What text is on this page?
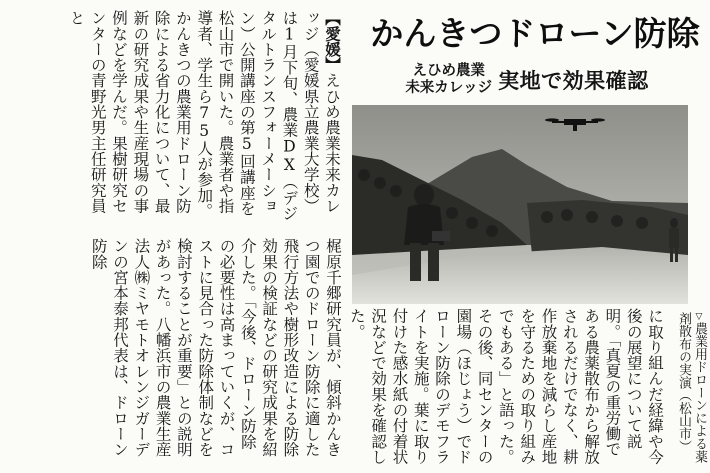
【愛媛】えひめ農業未来カレッジ（愛媛県立農業大学校）は1月下旬、農業DX（デジタルトランスフォーメーション）公開講座の第5回講座を松山市で開いた。農業者や指導者、学生ら75人が参加。かんきつの農業用ドローン防除による省力化について、最新の研究成果や生産現場の事例などを学んだ。果樹研究センターの青野光男主任研究員と

梶原千郷研究員が、傾斜かんきつ園でのドローン防除に適した飛行方法や樹形改造による防除効果の検証などの研究成果を紹介した。「今後、ドローン防除の必要性は高まっていくが、コストに見合った防除体制などを検討することが重要」との説明があった。八幡浜市の農業生産法人㈱ミヤモトオレンジガーデンの宮本泰邦代表は、ドローン防除

かんきつドローン防除
えひめ農業
未来カレッジ 実地で効果確認

に取り組んだ経緯や今後の展望について説明。「真夏の重労働である農薬散布から解放されるだけでなく、耕作放棄地を減らし産地を守るための取り組みでもある」と語った。その後、同センターの園場（ほじょう）でドローン防除のデモフライトを実施。葉に取り付けた感水紙の付着状況などで効果を確認した。	▽農業用ドローンによる薬剤散布の実演（松山市）
